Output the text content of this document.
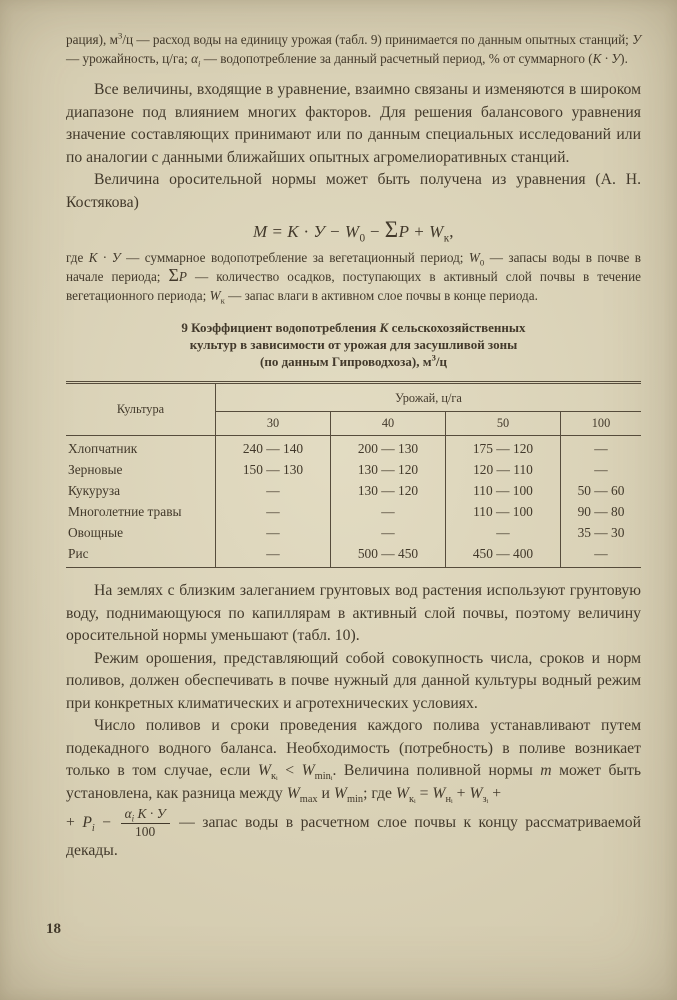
рация), $м^3/ц$ — расход воды на единицу урожая (табл. 9) принимается по данным опытных станций; У — урожайность, ц/га; $\alpha_i$ — водопотребление за данный расчетный период, % от суммарного (К · У).

Все величины, входящие в уравнение, взаимно связаны и изменяются в широком диапазоне под влиянием многих факторов. Для решения балансового уравнения значение составляющих принимают или по данным специальных исследований или по аналогии с данными ближайших опытных агромелиоративных станций.

Величина оросительной нормы может быть получена из уравнения (А. Н. Костякова)

$М = К \cdot У - W_0 - \Sigma P + W_к$,

где К · У — суммарное водопотребление за вегетационный период; $W_0$ — запасы воды в почве в начале периода; ΣP — количество осадков, поступающих в активный слой почвы в течение вегетационного периода; $W_к$ — запас влаги в активном слое почвы в конце периода.

9 Коэффициент водопотребления К сельскохозяйственных
культур в зависимости от урожая для засушливой зоны
(по данным Гипроводхоза), $м^3/ц$
Культура	Урожай, ц/га			
	30	40	50	100
Хлопчатник	240 — 140	200 — 130	175 — 120	—
Зерновые	150 — 130	130 — 120	120 — 110	—
Кукуруза	—	130 — 120	110 — 100	50 — 60
Многолетние травы	—	—	110 — 100	90 — 80
Овощные	—	—	—	35 — 30
Рис	—	500 — 450	450 — 400	—

На землях с близким залеганием грунтовых вод растения используют грунтовую воду, поднимающуюся по капиллярам в активный слой почвы, поэтому величину оросительной нормы уменьшают (табл. 10).

Режим орошения, представляющий собой совокупность числа, сроков и норм поливов, должен обеспечивать в почве нужный для данной культуры водный режим при конкретных климатических и агротехнических условиях.

Число поливов и сроки проведения каждого полива устанавливают путем подекадного водного баланса. Необходимость (потребность) в поливе возникает только в том случае, если $W_{кᵢ} < W_{minᵢ}$. Величина поливной нормы m может быть установлена, как разница между $W_{max}$ и $W_{min}$; где $W_{кᵢ} = W_{нᵢ} + W_{зᵢ}$ +

+ $P_i - \frac{\alpha_i К \cdot У}{100}$ — запас воды в расчетном слое почвы к концу рассматриваемой декады.

18
